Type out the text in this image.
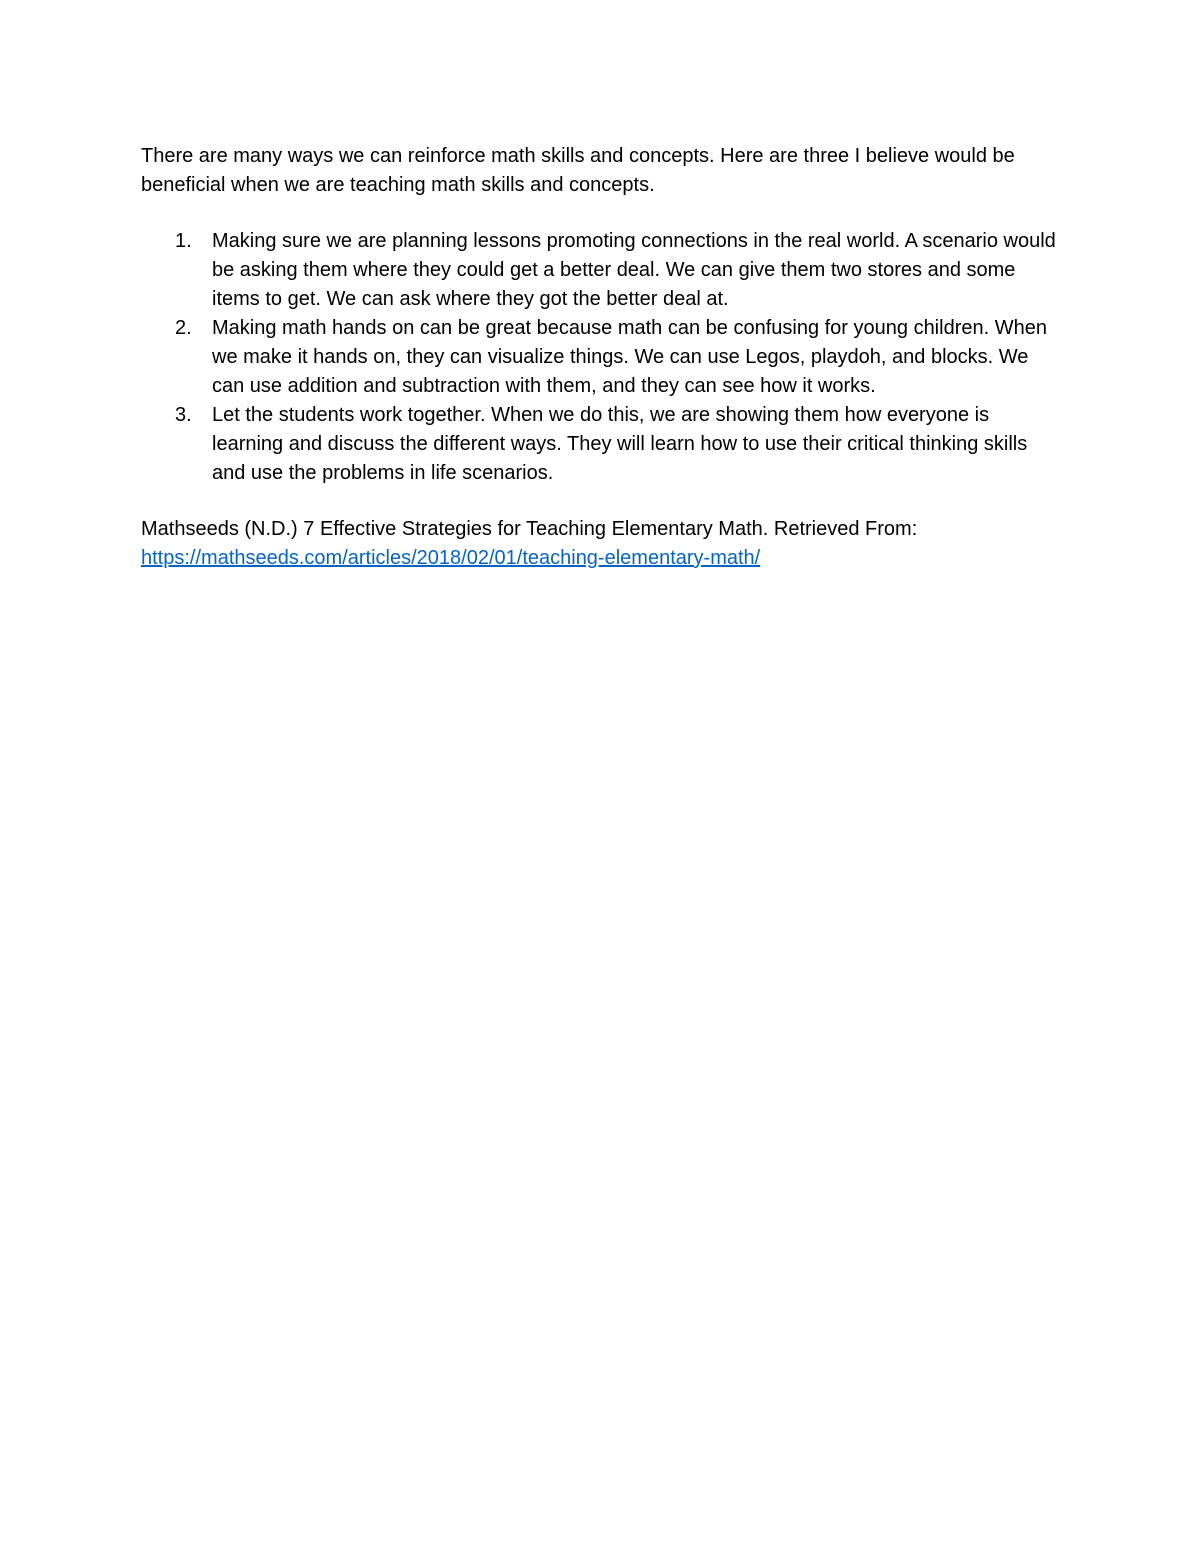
There are many ways we can reinforce math skills and concepts. Here are three I believe would be beneficial when we are teaching math skills and concepts.

1. Making sure we are planning lessons promoting connections in the real world. A scenario would be asking them where they could get a better deal. We can give them two stores and some items to get. We can ask where they got the better deal at.
2. Making math hands on can be great because math can be confusing for young children. When we make it hands on, they can visualize things. We can use Legos, playdoh, and blocks. We can use addition and subtraction with them, and they can see how it works.
3. Let the students work together. When we do this, we are showing them how everyone is learning and discuss the different ways. They will learn how to use their critical thinking skills and use the problems in life scenarios.

Mathseeds (N.D.) 7 Effective Strategies for Teaching Elementary Math. Retrieved From:
https://mathseeds.com/articles/2018/02/01/teaching-elementary-math/
